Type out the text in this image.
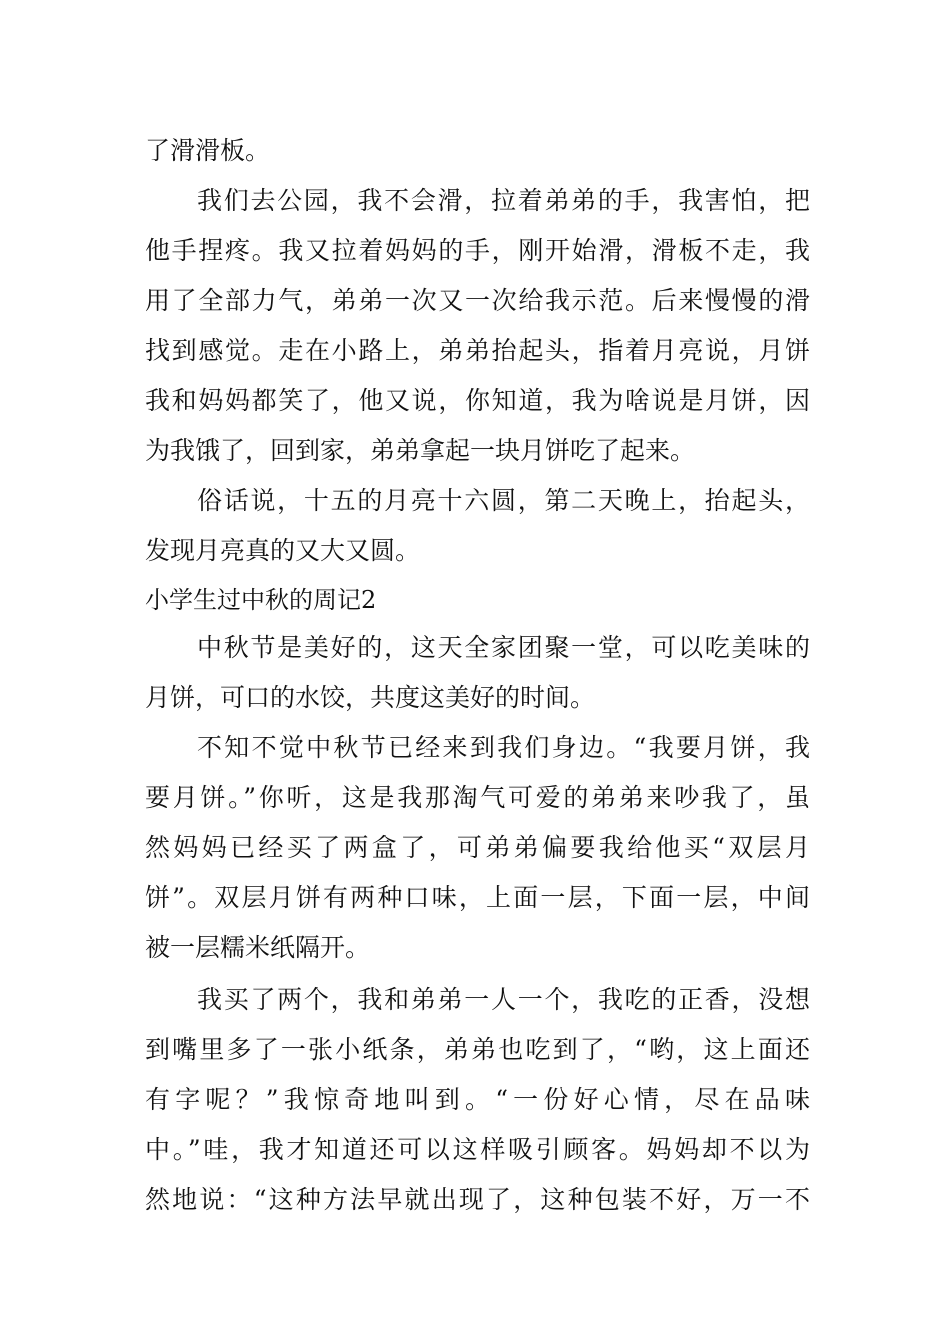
了滑滑板。
我们去公园，我不会滑，拉着弟弟的手，我害怕，把
他手捏疼。我又拉着妈妈的手，刚开始滑，滑板不走，我
用了全部力气，弟弟一次又一次给我示范。后来慢慢的滑
找到感觉。走在小路上，弟弟抬起头，指着月亮说，月饼
我和妈妈都笑了，他又说，你知道，我为啥说是月饼，因
为我饿了，回到家，弟弟拿起一块月饼吃了起来。
俗话说，十五的月亮十六圆，第二天晚上，抬起头，
发现月亮真的又大又圆。
小学生过中秋的周记2
中秋节是美好的，这天全家团聚一堂，可以吃美味的
月饼，可口的水饺，共度这美好的时间。
不知不觉中秋节已经来到我们身边。“我要月饼，我
要月饼。”你听，这是我那淘气可爱的弟弟来吵我了，虽
然妈妈已经买了两盒了，可弟弟偏要我给他买“双层月
饼”。双层月饼有两种口味，上面一层，下面一层，中间
被一层糯米纸隔开。
我买了两个，我和弟弟一人一个，我吃的正香，没想
到嘴里多了一张小纸条，弟弟也吃到了，“哟，这上面还
有字呢？”我惊奇地叫到。“一份好心情，尽在品味
中。”哇，我才知道还可以这样吸引顾客。妈妈却不以为
然地说：“这种方法早就出现了，这种包装不好，万一不
